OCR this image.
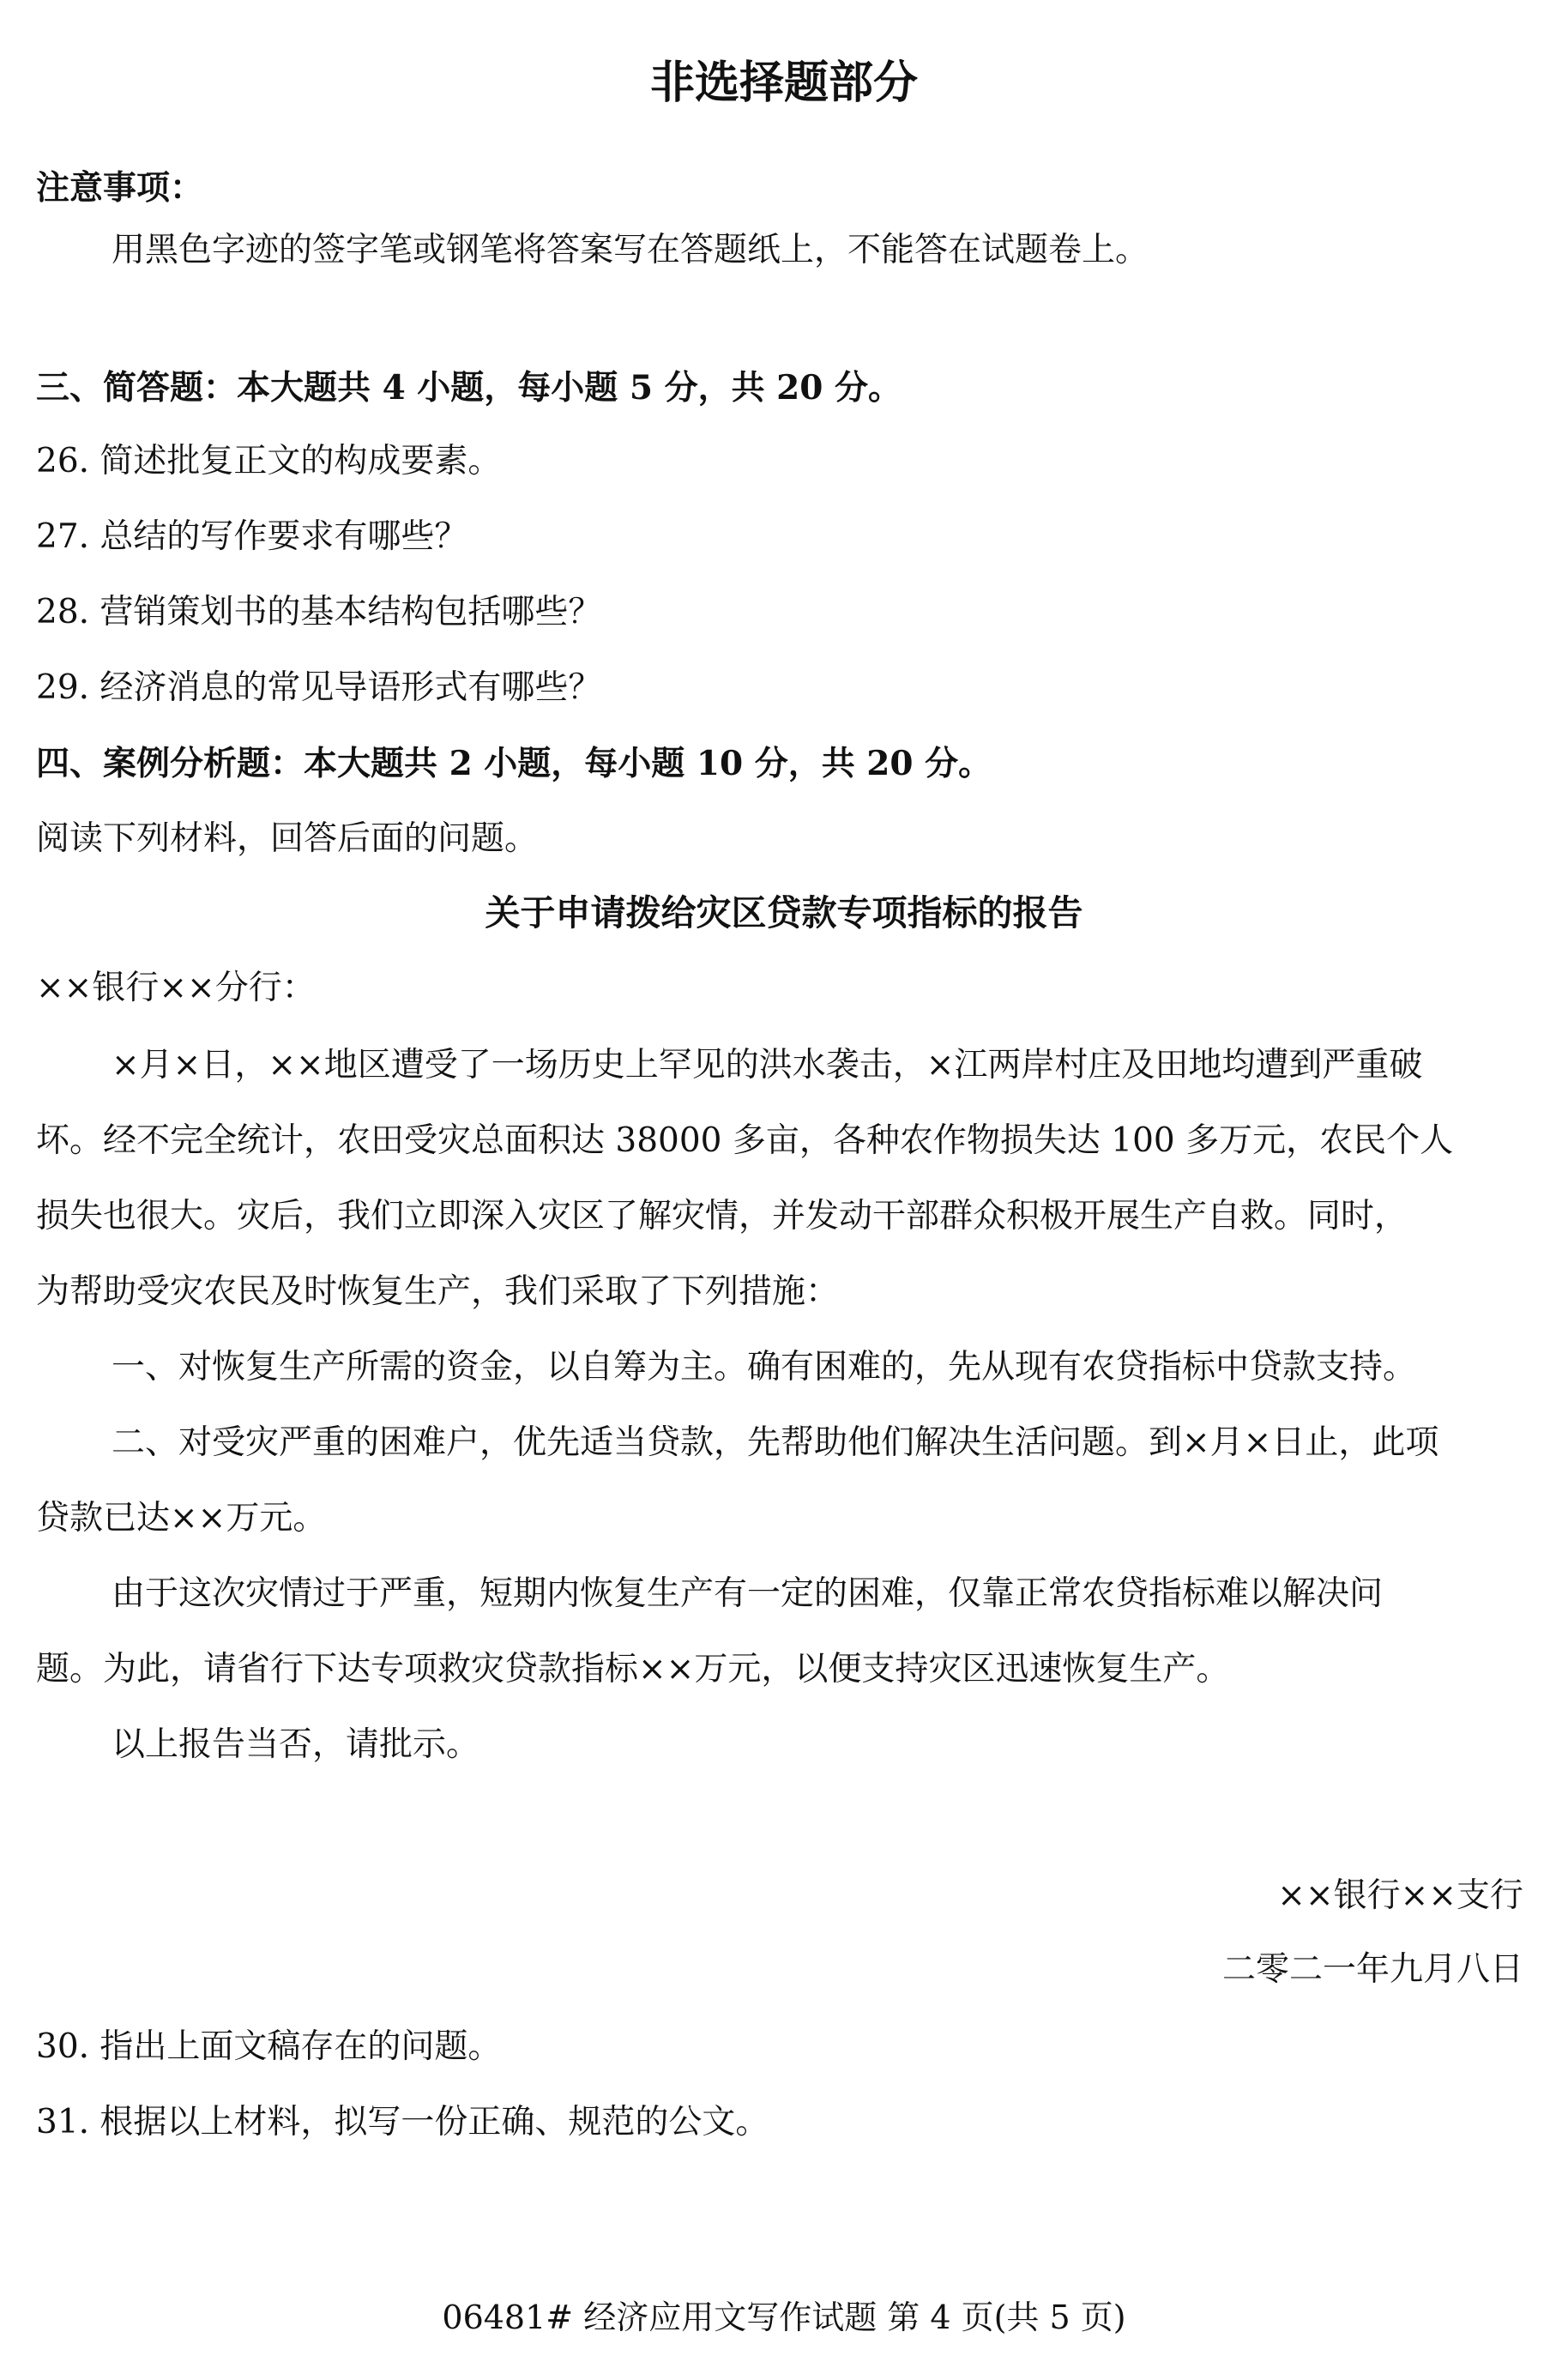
非选择题部分
注意事项：
用黑色字迹的签字笔或钢笔将答案写在答题纸上，不能答在试题卷上。
三、简答题：本大题共 4 小题，每小题 5 分，共 20 分。
26. 简述批复正文的构成要素。
27. 总结的写作要求有哪些？
28. 营销策划书的基本结构包括哪些？
29. 经济消息的常见导语形式有哪些？
四、案例分析题：本大题共 2 小题，每小题 10 分，共 20 分。
阅读下列材料，回答后面的问题。
关于申请拨给灾区贷款专项指标的报告
××银行××分行：
×月×日，××地区遭受了一场历史上罕见的洪水袭击，×江两岸村庄及田地均遭到严重破
坏。经不完全统计，农田受灾总面积达 38000 多亩，各种农作物损失达 100 多万元，农民个人
损失也很大。灾后，我们立即深入灾区了解灾情，并发动干部群众积极开展生产自救。同时，
为帮助受灾农民及时恢复生产，我们采取了下列措施：
一、对恢复生产所需的资金，以自筹为主。确有困难的，先从现有农贷指标中贷款支持。
二、对受灾严重的困难户，优先适当贷款，先帮助他们解决生活问题。到×月×日止，此项
贷款已达××万元。
由于这次灾情过于严重，短期内恢复生产有一定的困难，仅靠正常农贷指标难以解决问
题。为此，请省行下达专项救灾贷款指标××万元，以便支持灾区迅速恢复生产。
以上报告当否，请批示。
××银行××支行
二零二一年九月八日
30. 指出上面文稿存在的问题。
31. 根据以上材料，拟写一份正确、规范的公文。
06481# 经济应用文写作试题 第 4 页(共 5 页)
